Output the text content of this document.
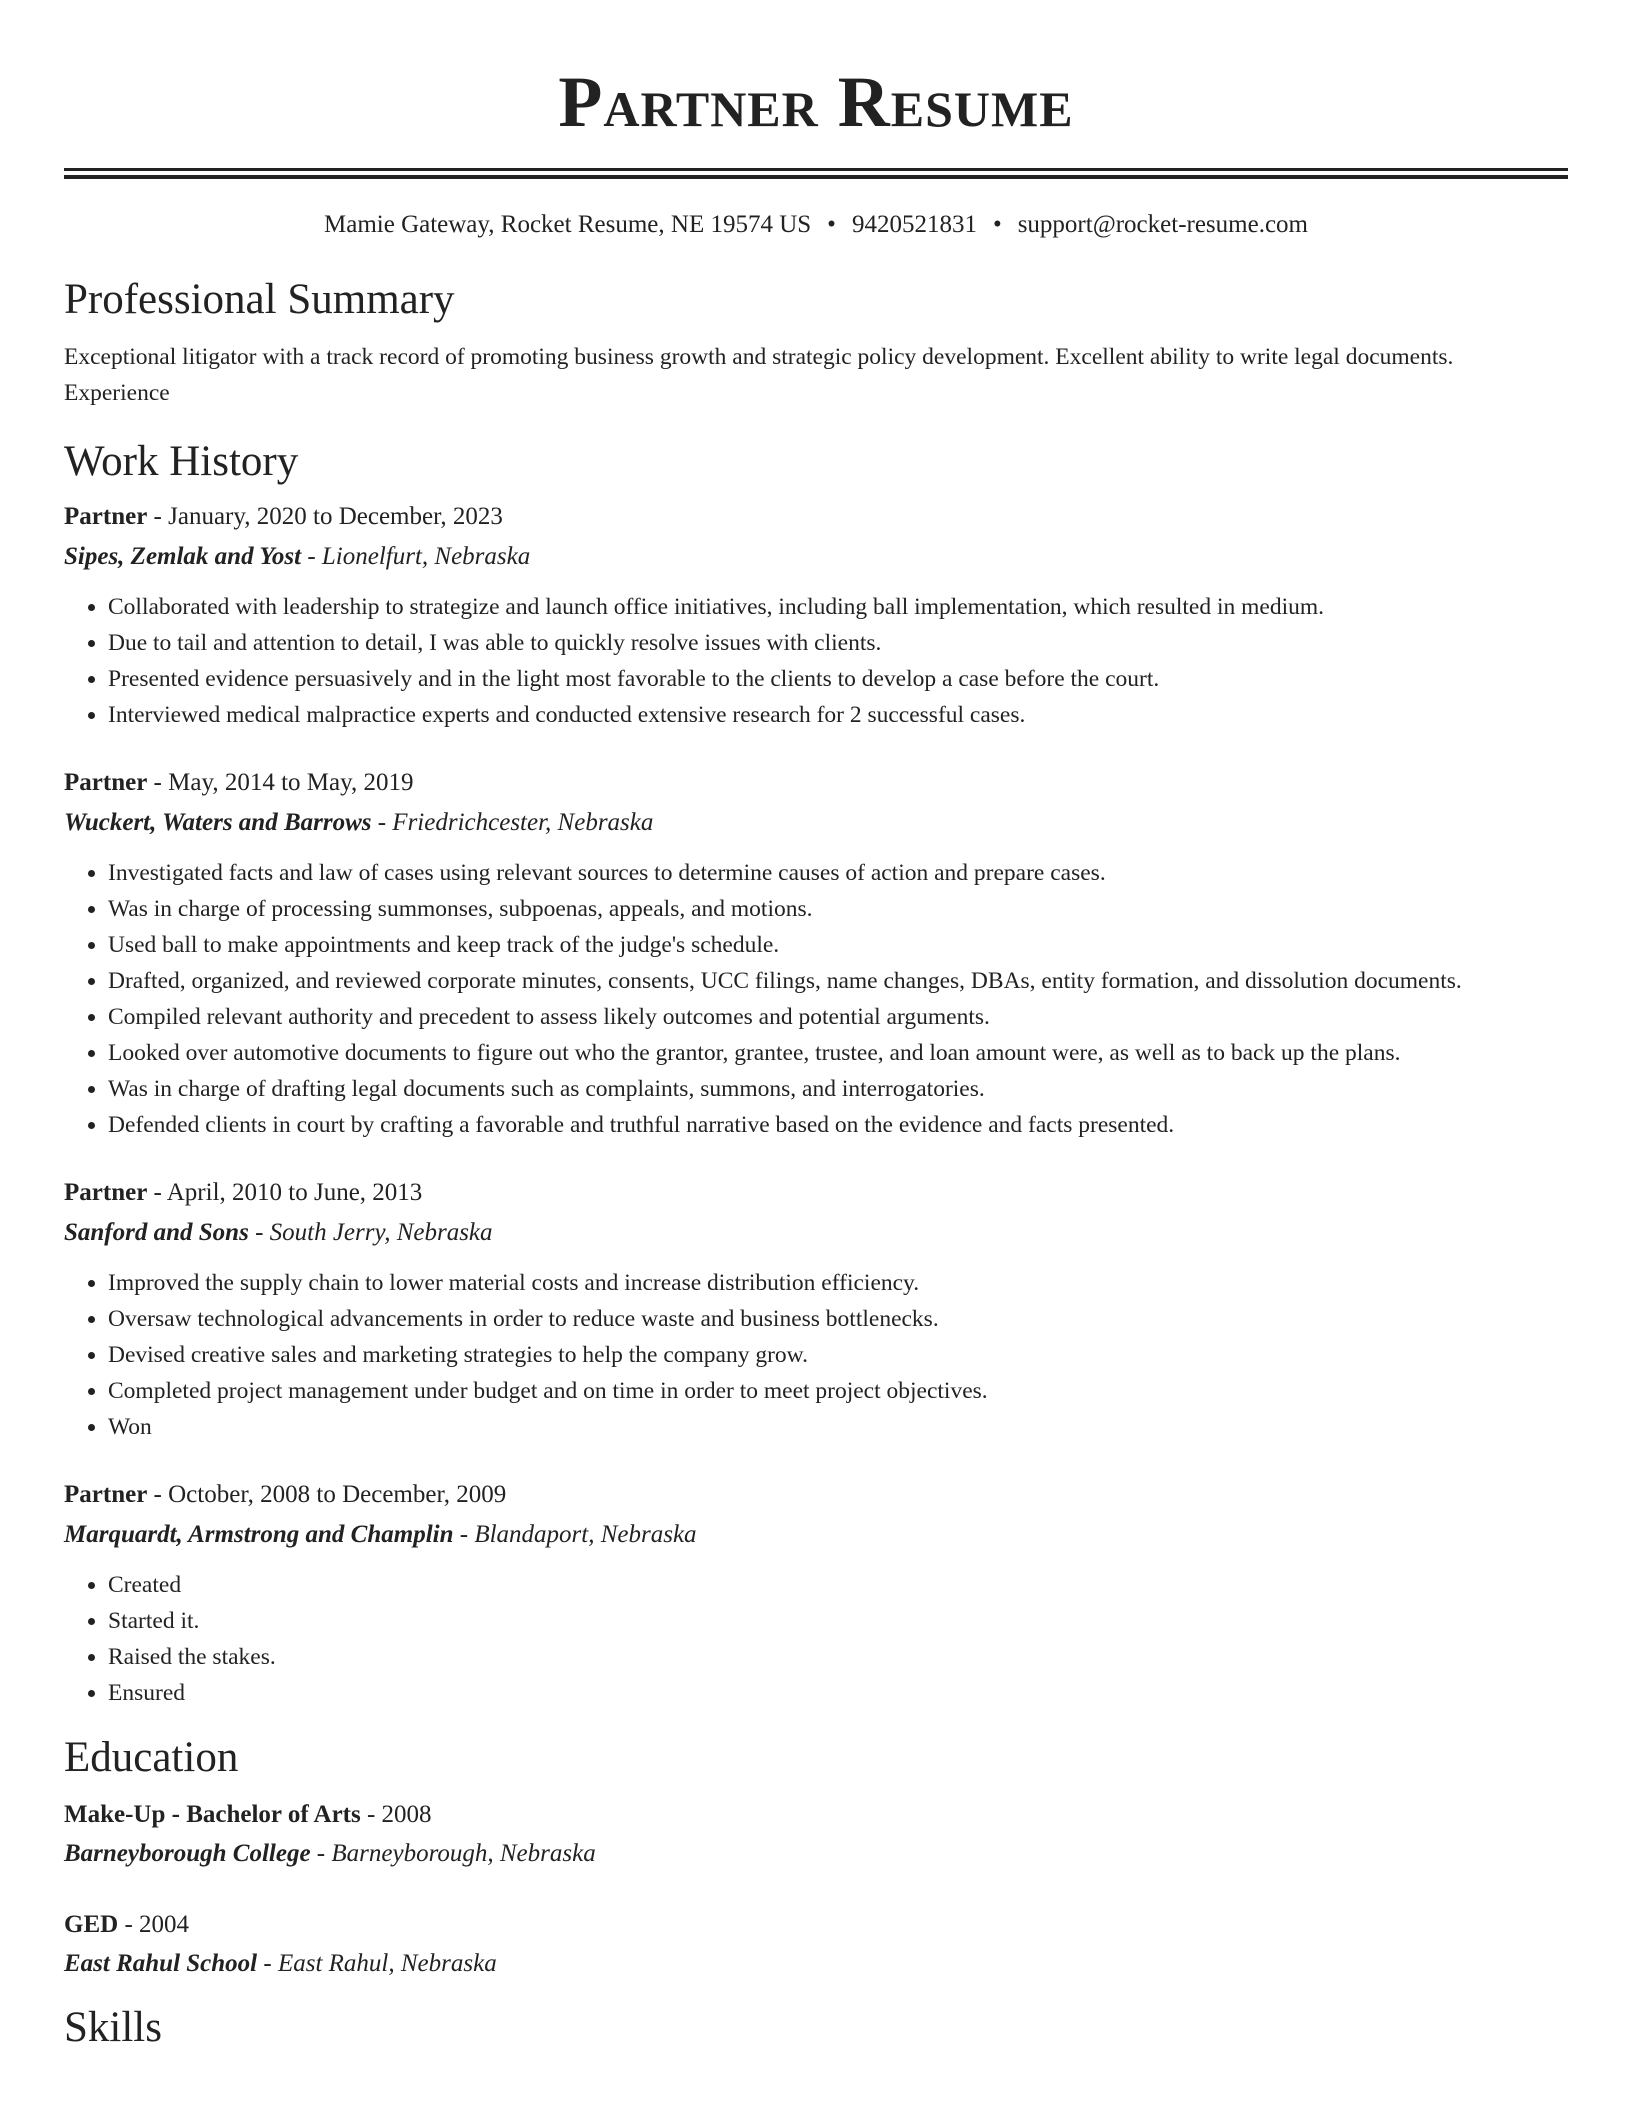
Partner Resume
Mamie Gateway, Rocket Resume, NE 19574 US • 9420521831 • support@rocket-resume.com
Professional Summary
Exceptional litigator with a track record of promoting business growth and strategic policy development. Excellent ability to write legal documents.
Experience
Work History
Partner - January, 2020 to December, 2023
Sipes, Zemlak and Yost - Lionelfurt, Nebraska
• Collaborated with leadership to strategize and launch office initiatives, including ball implementation, which resulted in medium.
• Due to tail and attention to detail, I was able to quickly resolve issues with clients.
• Presented evidence persuasively and in the light most favorable to the clients to develop a case before the court.
• Interviewed medical malpractice experts and conducted extensive research for 2 successful cases.
Partner - May, 2014 to May, 2019
Wuckert, Waters and Barrows - Friedrichcester, Nebraska
• Investigated facts and law of cases using relevant sources to determine causes of action and prepare cases.
• Was in charge of processing summonses, subpoenas, appeals, and motions.
• Used ball to make appointments and keep track of the judge's schedule.
• Drafted, organized, and reviewed corporate minutes, consents, UCC filings, name changes, DBAs, entity formation, and dissolution documents.
• Compiled relevant authority and precedent to assess likely outcomes and potential arguments.
• Looked over automotive documents to figure out who the grantor, grantee, trustee, and loan amount were, as well as to back up the plans.
• Was in charge of drafting legal documents such as complaints, summons, and interrogatories.
• Defended clients in court by crafting a favorable and truthful narrative based on the evidence and facts presented.
Partner - April, 2010 to June, 2013
Sanford and Sons - South Jerry, Nebraska
• Improved the supply chain to lower material costs and increase distribution efficiency.
• Oversaw technological advancements in order to reduce waste and business bottlenecks.
• Devised creative sales and marketing strategies to help the company grow.
• Completed project management under budget and on time in order to meet project objectives.
• Won
Partner - October, 2008 to December, 2009
Marquardt, Armstrong and Champlin - Blandaport, Nebraska
• Created
• Started it.
• Raised the stakes.
• Ensured
Education
Make-Up - Bachelor of Arts - 2008
Barneyborough College - Barneyborough, Nebraska
GED - 2004
East Rahul School - East Rahul, Nebraska
Skills
